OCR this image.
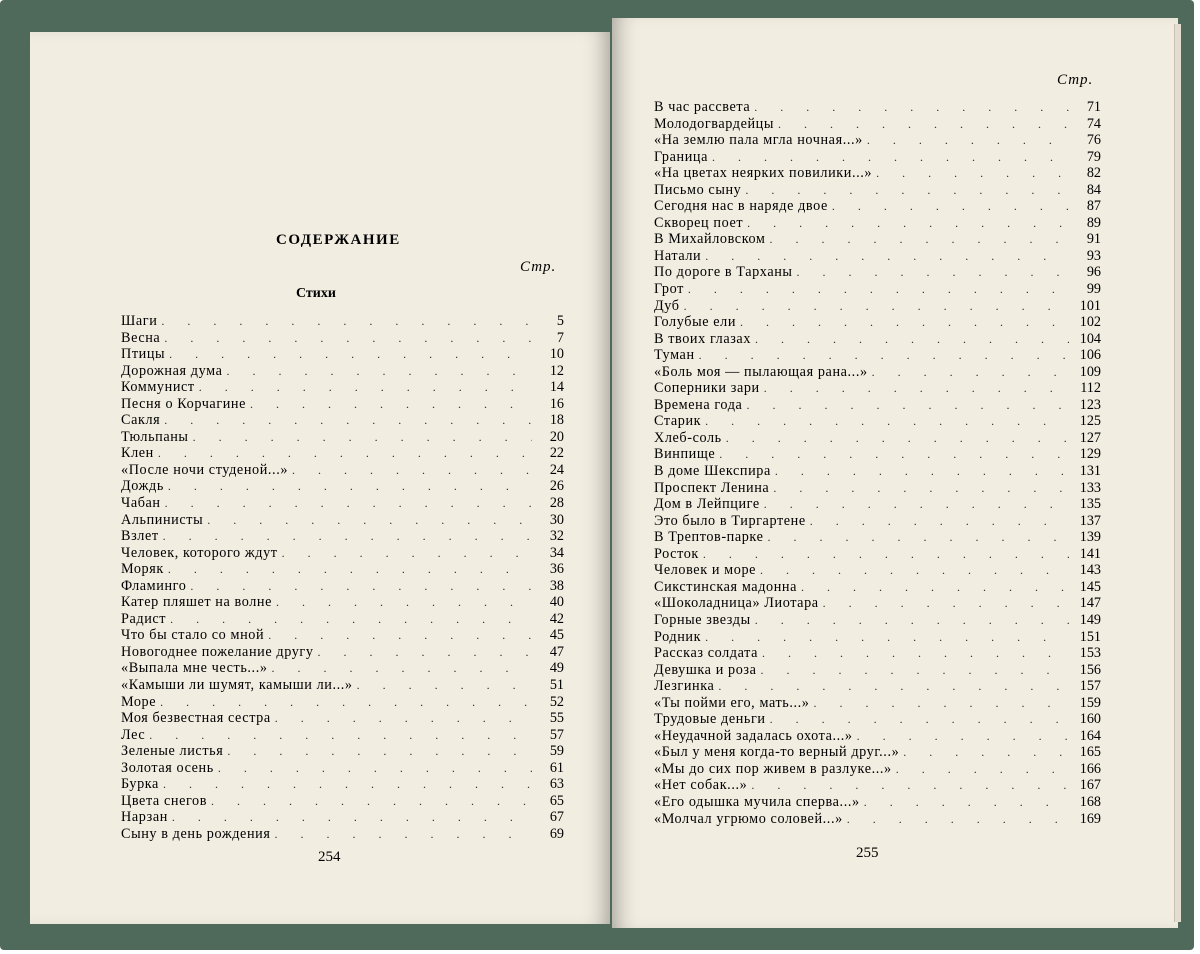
СОДЕРЖАНИЕ
Стр.
Стихи
Шаги . . .	5
Весна . . .	7
Птицы . . .	10
Дорожная дума . . .	12
Коммунист . . .	14
Песня о Корчагине . . .	16
Сакля . . .	18
Тюльпаны . . .	20
Клен . . .	22
«После ночи студеной...» . . .	24
Дождь . . .	26
Чабан . . .	28
Альпинисты . . .	30
Взлет . . .	32
Человек, которого ждут . . .	34
Моряк . . .	36
Фламинго . . .	38
Катер пляшет на волне . . .	40
Радист . . .	42
Что бы стало со мной . . .	45
Новогоднее пожелание другу . . .	47
«Выпала мне честь...» . . .	49
«Камыши ли шумят, камыши ли...» . . .	51
Море . . .	52
Моя безвестная сестра . . .	55
Лес . . .	57
Зеленые листья . . .	59
Золотая осень . . .	61
Бурка . . .	63
Цвета снегов . . .	65
Нарзан . . .	67
Сыну в день рождения . . .	69
254
Стр.
В час рассвета . . .	71
Молодогвардейцы . . .	74
«На землю пала мгла ночная...» . . .	76
Граница . . .	79
«На цветах неярких повилики...» . . .	82
Письмо сыну . . .	84
Сегодня нас в наряде двое . . .	87
Скворец поет . . .	89
В Михайловском . . .	91
Натали . . .	93
По дороге в Тарханы . . .	96
Грот . . .	99
Дуб . . .	101
Голубые ели . . .	102
В твоих глазах . . .	104
Туман . . .	106
«Боль моя — пылающая рана...» . . .	109
Соперники зари . . .	112
Времена года . . .	123
Старик . . .	125
Хлеб-соль . . .	127
Винпище . . .	129
В доме Шекспира . . .	131
Проспект Ленина . . .	133
Дом в Лейпциге . . .	135
Это было в Тиргартене . . .	137
В Трептов-парке . . .	139
Росток . . .	141
Человек и море . . .	143
Сикстинская мадонна . . .	145
«Шоколадница» Лиотара . . .	147
Горные звезды . . .	149
Родник . . .	151
Рассказ солдата . . .	153
Девушка и роза . . .	156
Лезгинка . . .	157
«Ты пойми его, мать...» . . .	159
Трудовые деньги . . .	160
«Неудачной задалась охота...» . . .	164
«Был у меня когда-то верный друг...» . . .	165
«Мы до сих пор живем в разлуке...» . . .	166
«Нет собак...» . . .	167
«Его одышка мучила сперва...» . . .	168
«Молчал угрюмо соловей...» . . .	169
255
